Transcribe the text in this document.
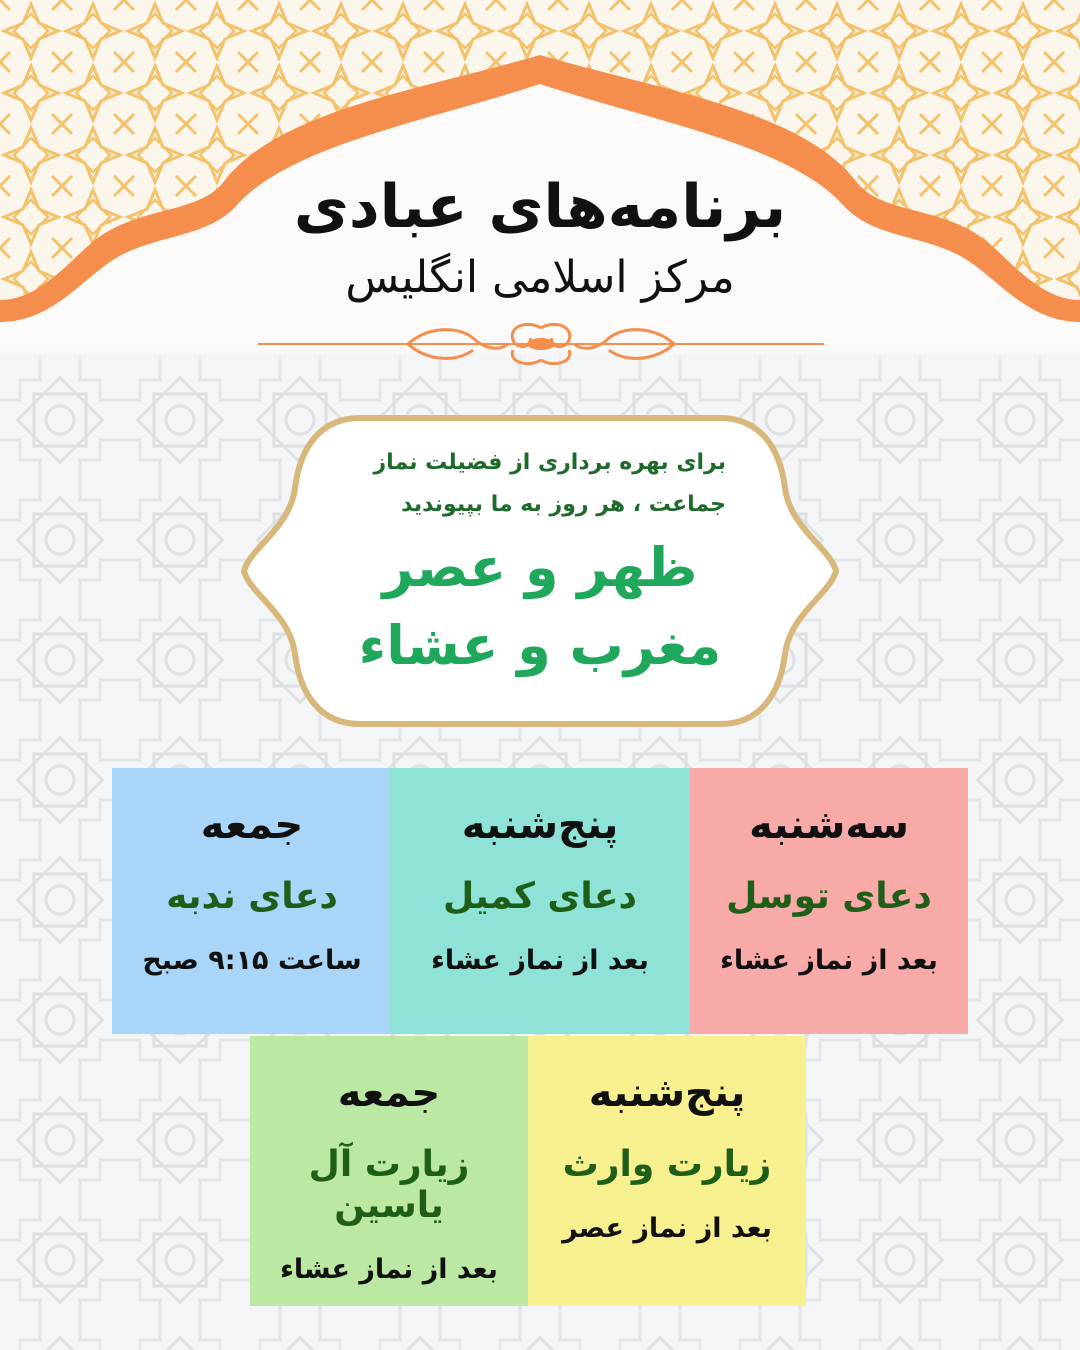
برنامه‌های عبادی
مرکز اسلامی انگلیس
برای بهره برداری از فضیلت نماز
جماعت ، هر روز به ما بپیوندید
ظهر و عصر
مغرب و عشاء
جمعه
دعای ندبه
ساعت ۹:۱۵ صبح
پنج‌شنبه
دعای کمیل
بعد از نماز عشاء
سه‌شنبه
دعای توسل
بعد از نماز عشاء
جمعه
زیارت آل یاسین
بعد از نماز عشاء
پنج‌شنبه
زیارت وارث
بعد از نماز عصر
